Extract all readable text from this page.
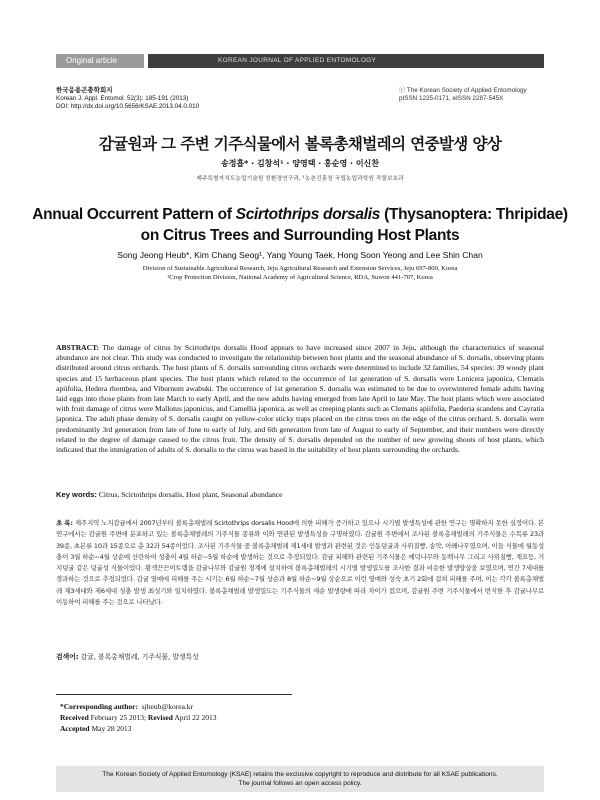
Original article	KOREAN JOURNAL OF APPLIED ENTOMOLOGY
한국응용곤충학회지
Korean J. Appl. Entomol. 52(3): 185-191 (2013)
DOI: http://dx.doi.org/10.5656/KSAE.2013.04.0.010
ⓒ The Korean Society of Applied Entomology
pISSN 1225-0171, eISSN 2287-545X
감귤원과 그 주변 기주식물에서 볼록총채벌레의 연중발생 양상
송정흡* · 김창석¹ · 양영택 · 홍순영 · 이신찬
제주특별자치도농업기술원 친환경연구과, ¹농촌진흥청 국립농업과학원 작물보호과
Annual Occurrent Pattern of Scirtothrips dorsalis (Thysanoptera: Thripidae)
on Citrus Trees and Surrounding Host Plants
Song Jeong Heub*, Kim Chang Seog¹, Yang Young Taek, Hong Soon Yeong and Lee Shin Chan
Division of Sustainable Agricultural Research, Jeju Agricultural Research and Extension Services, Jeju 697-800, Korea
¹Crop Protection Division, National Academy of Agricultural Science, RDA, Suwon 441-707, Korea
ABSTRACT: The damage of citrus by Scirtothrips dorsalis Hood appears to have increased since 2007 in Jeju, although the characteristics of seasonal abundance are not clear. This study was conducted to investigate the relationship between host plants and the seasonal abundance of S. dorsalis, observing plants distributed around citrus orchards. The host plants of S. dorsalis surrounding citrus orchards were determined to include 32 families, 54 species: 39 woody plant species and 15 herbaceous plant species. The host plants which related to the occurrence of 1st generation of S. dorsalis were Lonicera japonica, Clematis apiifolia, Hedera rhombea, and Viburnum awabuki. The occurrence of 1st generation S. dorsalis was estimated to be due to overwintered female adults having laid eggs into those plants from late March to early April, and the new adults having emerged from late April to late May. The host plants which were associated with fruit damage of citrus were Mallotus japonicus, and Camellia japonica, as well as creeping plants such as Clematis apiifolia, Paederia scandens and Cayratia japonica. The adult phase density of S. dorsalis caught on yellow-color sticky traps placed on the citrus trees on the edge of the citrus orchard. S. dorsalis were predominantly 3rd generation from late of June to early of July, and 6th generation from late of August to early of September, and their numbers were directly related to the degree of damage caused to the citrus fruit. The density of S. dorsalis depended on the number of new growing shoots of host plants, which indicated that the immigration of adults of S. dorsalis to the citrus was based in the suitability of host plants surrounding the orchards.
Key words: Citrus, Scirtothrips dorsalis, Host plant, Seasonal abundance
초 록: 제주지역 노지감귤에서 2007년부터 볼록총채벌레 Scirtothrips dorsalis Hood에 의한 피해가 증가하고 있으나 시기별 발생특성에 관한 연구는 명확하지 못한 실정이다. 본 연구에서는 감귤원 주변에 분포하고 있는 볼록총채벌레의 기주식물 종류와 이와 연관된 발생특성을 구명하였다. 감귤원 주변에서 조사된 볼록총채벌레의 기주식물은 수목류 23과 39종, 초본류 10과 15종으로 총 32과 54종이었다. 조사된 기주식물 중 볼록총채벌레 제1세대 발생과 관련된 것은 인동덩굴과 사위질빵, 송악, 아왜나무였으며, 이들 식물에 월동성충이 3월 하순~4월 상순에 산란하여 성충이 4월 하순~5월 하순에 발생하는 것으로 추정되었다. 감귤 피해와 관련된 기주식물은 예덕나무와 동백나무 그리고 사위질빵, 계요등, 거지덩굴 같은 덩굴성 식물이었다. 황색끈끈이트랩을 감귤나무와 감귤원 경계에 설치하여 볼록총채벌레의 시기별 발생밀도를 조사한 결과 비슷한 발생양상을 보였으며, 연간 7세대를 경과하는 것으로 추정되었다. 감귤 열매에 피해를 주는 시기는 6월 하순~7월 상순과 8월 하순~9월 상순으로 이런 열매와 성숙 초기 2회에 걸쳐 피해를 주며, 이는 각각 볼록총채벌레 제3세대와 제6세대 성충 발생 최성기와 일치하였다. 볼록총채벌레 발생밀도는 기주식물의 새순 발생량에 따라 차이가 컸으며, 감귤원 주변 기주식물에서 번식한 후 감귤나무로 이동하여 피해를 주는 것으로 나타났다.
검색어: 감귤, 볼록총채벌레, 기주식물, 발생특성
*Corresponding author: sjheub@korea.kr
Received February 25 2013; Revised April 22 2013
Accepted May 28 2013
The Korean Society of Applied Entomology (KSAE) retains the exclusive copyright to reproduce and distribute for all KSAE publications.
The journal follows an open access policy.
